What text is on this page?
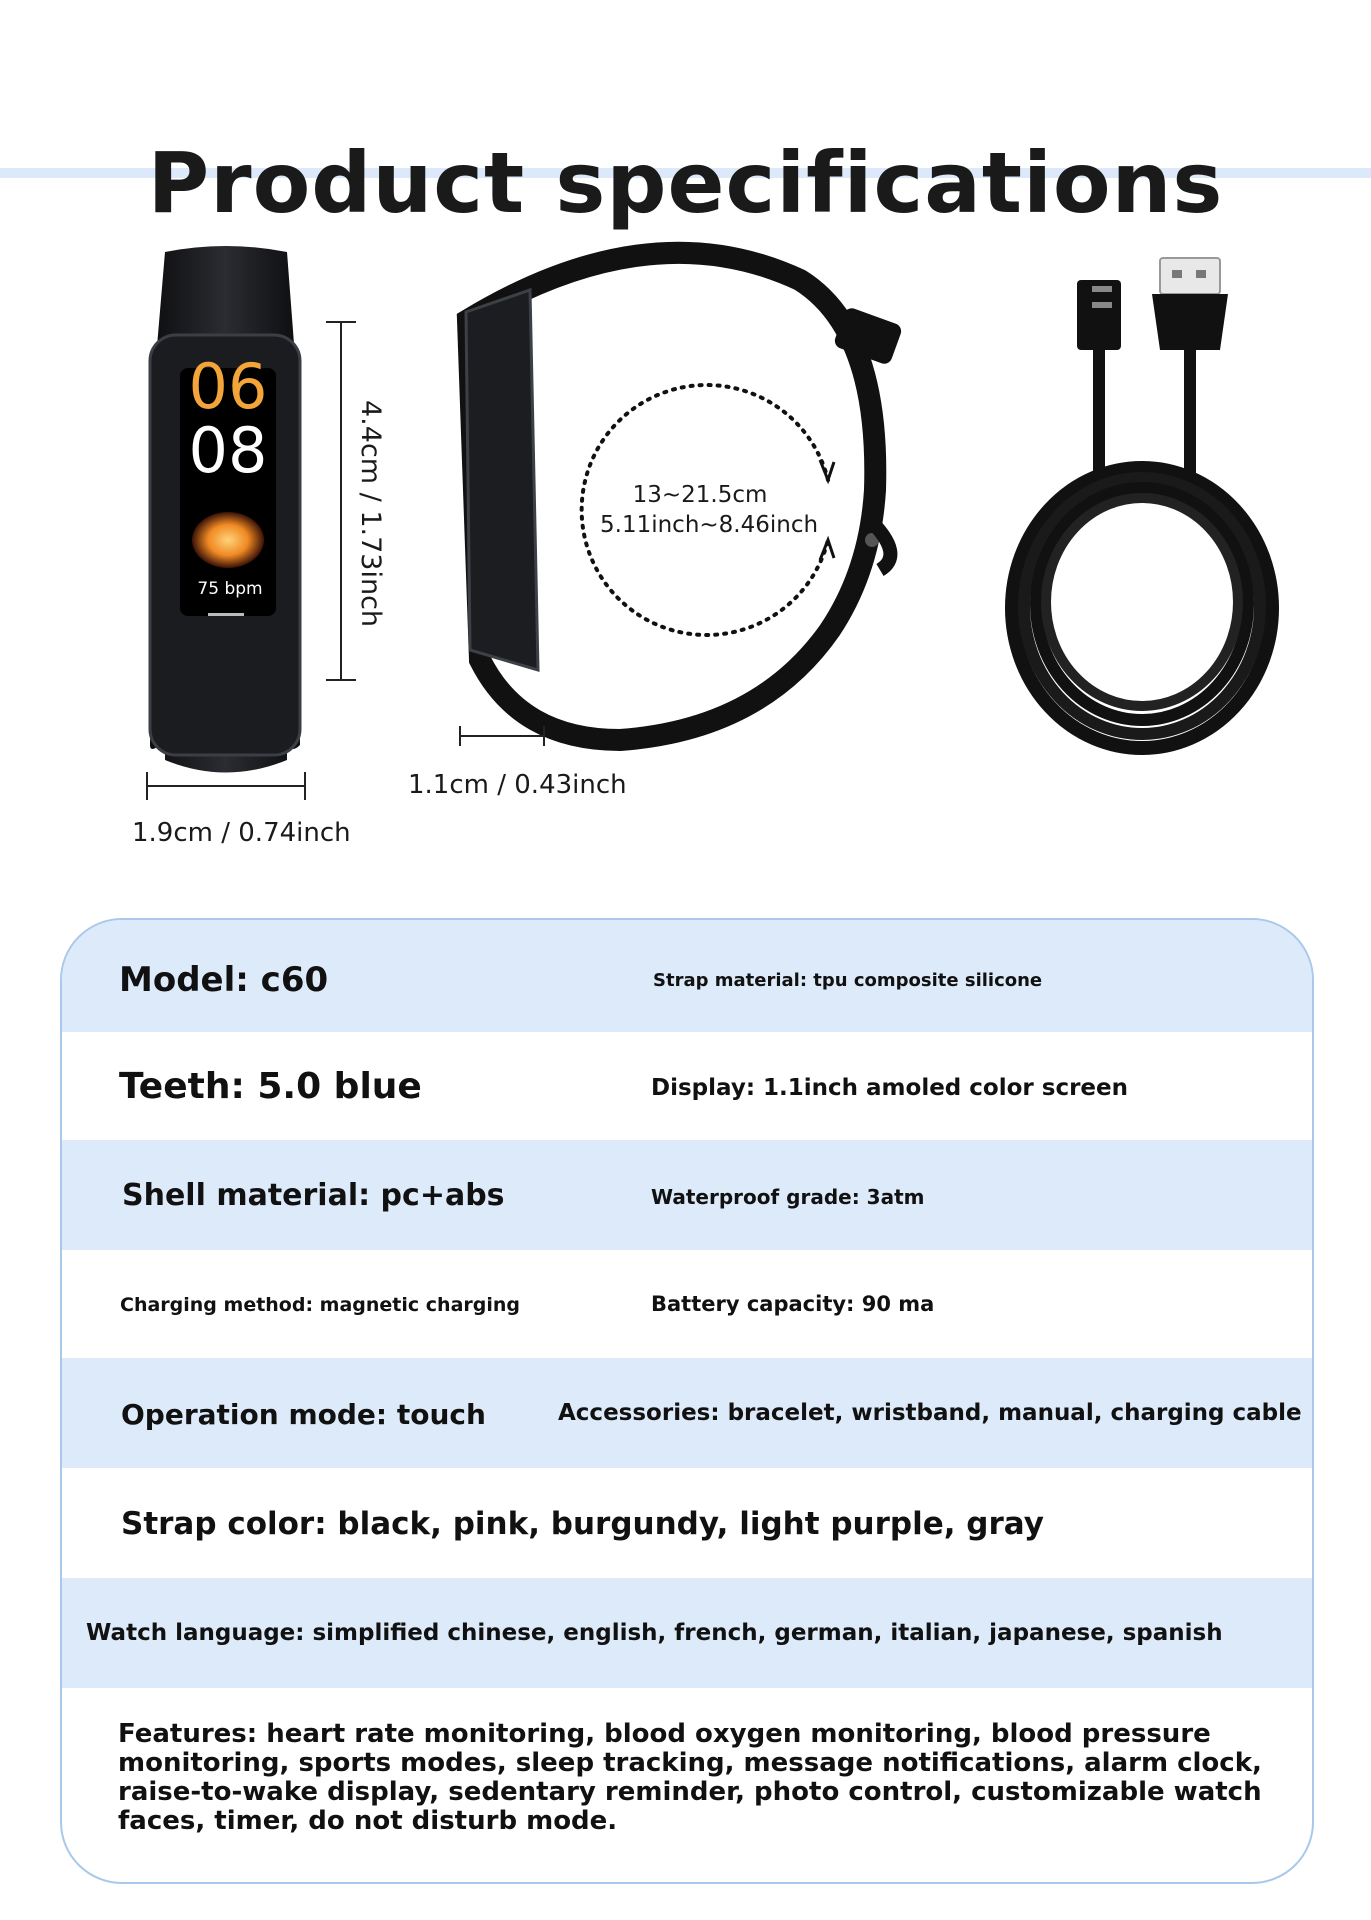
Product specifications
06
08
75 bpm	4.4cm / 1.73inch
1.9cm / 0.74inch
1.1cm / 0.43inch
13~21.5cm
5.11inch~8.46inch
Model: c60	Strap material: tpu composite silicone
Teeth: 5.0 blue	Display: 1.1inch amoled color screen
Shell material: pc+abs	Waterproof grade: 3atm
Charging method: magnetic charging	Battery capacity: 90 ma
Operation mode: touch	Accessories: bracelet, wristband, manual, charging cable
Strap color: black, pink, burgundy, light purple, gray
Watch language: simplified chinese, english, french, german, italian, japanese, spanish
Features: heart rate monitoring, blood oxygen monitoring, blood pressure monitoring, sports modes, sleep tracking, message notifications, alarm clock, raise-to-wake display, sedentary reminder, photo control, customizable watch faces, timer, do not disturb mode.
